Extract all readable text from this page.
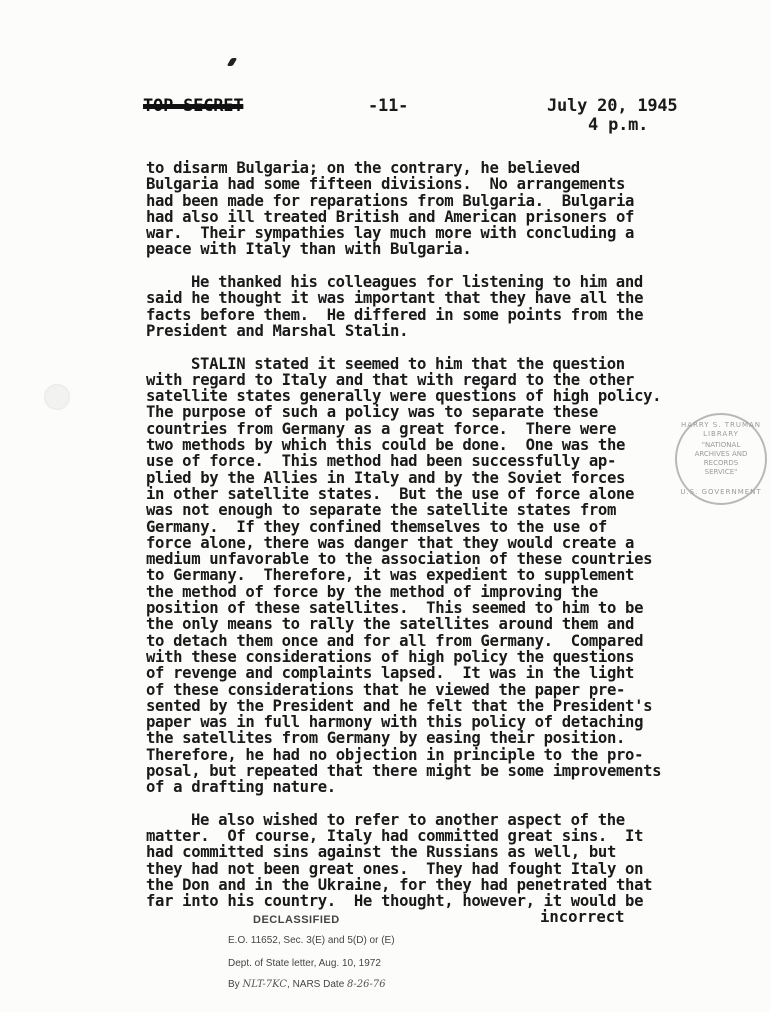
TOP SECRET	-11-	July 20, 1945
4 p.m.
to disarm Bulgaria; on the contrary, he believed
Bulgaria had some fifteen divisions.  No arrangements
had been made for reparations from Bulgaria.  Bulgaria
had also ill treated British and American prisoners of
war.  Their sympathies lay much more with concluding a
peace with Italy than with Bulgaria.
He thanked his colleagues for listening to him and
said he thought it was important that they have all the
facts before them.  He differed in some points from the
President and Marshal Stalin.
STALIN stated it seemed to him that the question
with regard to Italy and that with regard to the other
satellite states generally were questions of high policy.
The purpose of such a policy was to separate these
countries from Germany as a great force.  There were
two methods by which this could be done.  One was the
use of force.  This method had been successfully ap-
plied by the Allies in Italy and by the Soviet forces
in other satellite states.  But the use of force alone
was not enough to separate the satellite states from
Germany.  If they confined themselves to the use of
force alone, there was danger that they would create a
medium unfavorable to the association of these countries
to Germany.  Therefore, it was expedient to supplement
the method of force by the method of improving the
position of these satellites.  This seemed to him to be
the only means to rally the satellites around them and
to detach them once and for all from Germany.  Compared
with these considerations of high policy the questions
of revenge and complaints lapsed.  It was in the light
of these considerations that he viewed the paper pre-
sented by the President and he felt that the President's
paper was in full harmony with this policy of detaching
the satellites from Germany by easing their position.
Therefore, he had no objection in principle to the pro-
posal, but repeated that there might be some improvements
of a drafting nature.
He also wished to refer to another aspect of the
matter.  Of course, Italy had committed great sins.  It
had committed sins against the Russians as well, but
they had not been great ones.  They had fought Italy on
the Don and in the Ukraine, for they had penetrated that
far into his country.  He thought, however, it would be
HARRY S. TRUMAN LIBRARY
"NATIONAL
ARCHIVES AND
RECORDS
SERVICE"
U.S. GOVERNMENT
incorrect
DECLASSIFIED
E.O. 11652, Sec. 3(E) and 5(D) or (E)
Dept. of State letter, Aug. 10, 1972
By NLT-7KC, NARS Date 8-26-76
